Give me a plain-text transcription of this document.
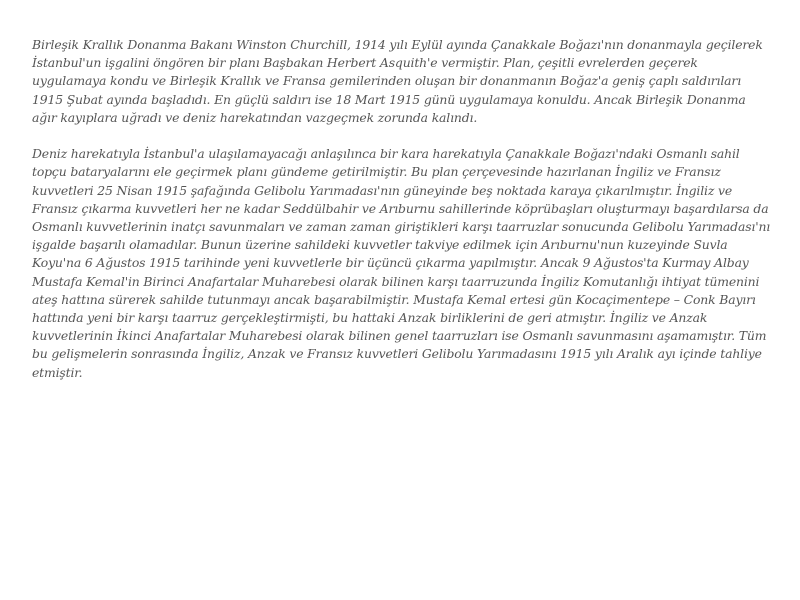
Birleşik Krallık Donanma Bakanı Winston Churchill, 1914 yılı Eylül ayında Çanakkale Boğazı'nın donanmayla geçilerek İstanbul'un işgalini öngören bir planı Başbakan Herbert Asquith'e vermiştir. Plan, çeşitli evrelerden geçerek uygulamaya kondu ve Birleşik Krallık ve Fransa gemilerinden oluşan bir donanmanın Boğaz'a geniş çaplı saldırıları 1915 Şubat ayında başladıdı. En güçlü saldırı ise 18 Mart 1915 günü uygulamaya konuldu. Ancak Birleşik Donanma ağır kayıplara uğradı ve deniz harekatından vazgeçmek zorunda kalındı.

Deniz harekatıyla İstanbul'a ulaşılamayacağı anlaşılınca bir kara harekatıyla Çanakkale Boğazı'ndaki Osmanlı sahil topçu bataryalarını ele geçirmek planı gündeme getirilmiştir. Bu plan çerçevesinde hazırlanan İngiliz ve Fransız kuvvetleri 25 Nisan 1915 şafağında Gelibolu Yarımadası'nın güneyinde beş noktada karaya çıkarılmıştır. İngiliz ve Fransız çıkarma kuvvetleri her ne kadar Seddülbahir ve Arıburnu sahillerinde köprübaşları oluşturmayı başardılarsa da Osmanlı kuvvetlerinin inatçı savunmaları ve zaman zaman giriştikleri karşı taarruzlar sonucunda Gelibolu Yarımadası'nı işgalde başarılı olamadılar. Bunun üzerine sahildeki kuvvetler takviye edilmek için Arıburnu'nun kuzeyinde Suvla Koyu'na 6 Ağustos 1915 tarihinde yeni kuvvetlerle bir üçüncü çıkarma yapılmıştır. Ancak 9 Ağustos'ta Kurmay Albay Mustafa Kemal'in Birinci Anafartalar Muharebesi olarak bilinen karşı taarruzunda İngiliz Komutanlığı ihtiyat tümenini ateş hattına sürerek sahilde tutunmayı ancak başarabilmiştir. Mustafa Kemal ertesi gün Kocaçimentepe – Conk Bayırı hattında yeni bir karşı taarruz gerçekleştirmişti, bu hattaki Anzak birliklerini de geri atmıştır. İngiliz ve Anzak kuvvetlerinin İkinci Anafartalar Muharebesi olarak bilinen genel taarruzları ise Osmanlı savunmasını aşamamıştır. Tüm bu gelişmelerin sonrasında İngiliz, Anzak ve Fransız kuvvetleri Gelibolu Yarımadasını 1915 yılı Aralık ayı içinde tahliye etmiştir.
